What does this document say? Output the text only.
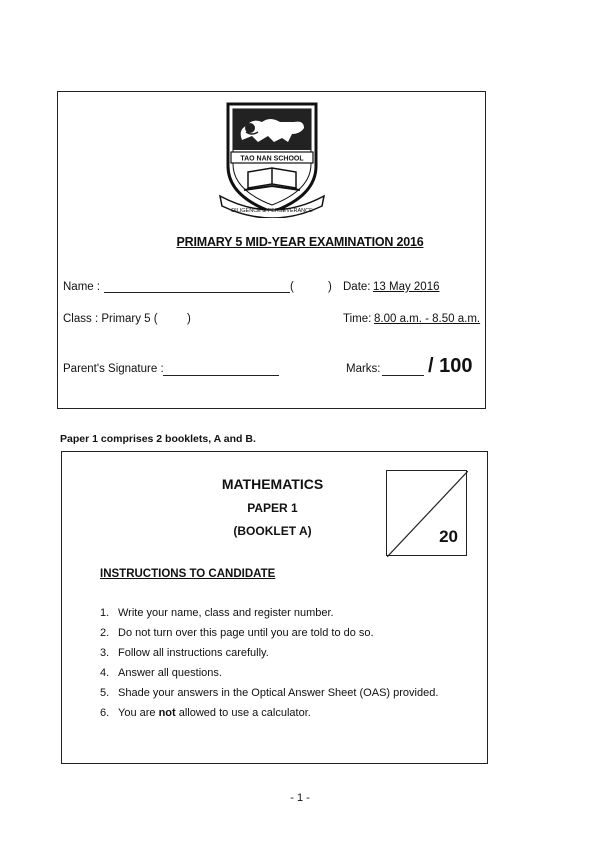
TAO NAN SCHOOL
DILIGENCE & PERSEVERANCE
PRIMARY 5 MID-YEAR EXAMINATION 2016
Name :	(	) Date: 13 May 2016
Class : Primary 5 (	)	Time: 8.00 a.m. - 8.50 a.m.
Parent's Signature :	Marks: / 100
Paper 1 comprises 2 booklets, A and B.
MATHEMATICS
PAPER 1
(BOOKLET A)	20
INSTRUCTIONS TO CANDIDATE
1. Write your name, class and register number.
2. Do not turn over this page until you are told to do so.
3. Follow all instructions carefully.
4. Answer all questions.
5. Shade your answers in the Optical Answer Sheet (OAS) provided.
6. You are not allowed to use a calculator.
- 1 -
